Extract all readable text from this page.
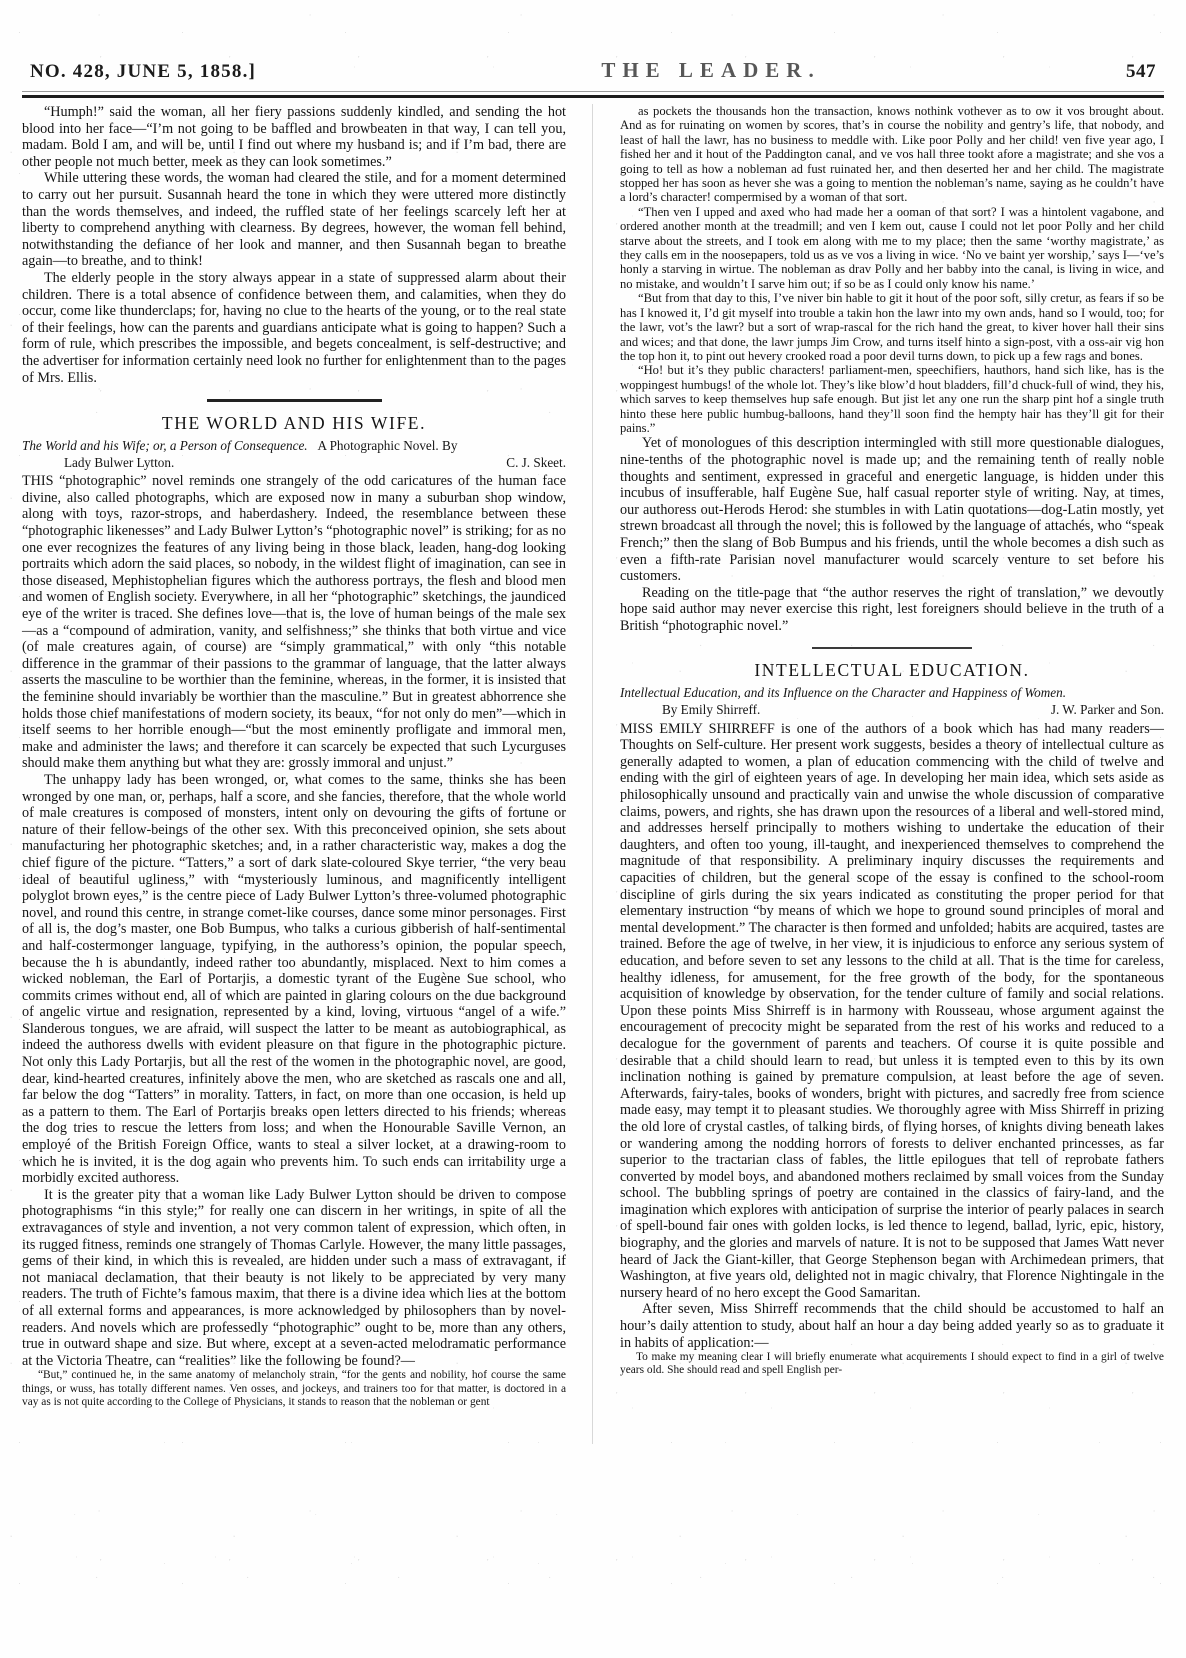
NO. 428, JUNE 5, 1858.]	THE LEADER.	547

“Humph!” said the woman, all her fiery passions suddenly kindled, and sending the hot blood into her face—“I’m not going to be baffled and browbeaten in that way, I can tell you, madam. Bold I am, and will be, until I find out where my husband is; and if I’m bad, there are other people not much better, meek as they can look sometimes.”

While uttering these words, the woman had cleared the stile, and for a moment determined to carry out her pursuit. Susannah heard the tone in which they were uttered more distinctly than the words themselves, and indeed, the ruffled state of her feelings scarcely left her at liberty to comprehend anything with clearness. By degrees, however, the woman fell behind, notwithstanding the defiance of her look and manner, and then Susannah began to breathe again—to breathe, and to think!

The elderly people in the story always appear in a state of suppressed alarm about their children. There is a total absence of confidence between them, and calamities, when they do occur, come like thunderclaps; for, having no clue to the hearts of the young, or to the real state of their feelings, how can the parents and guardians anticipate what is going to happen? Such a form of rule, which prescribes the impossible, and begets concealment, is self-destructive; and the advertiser for information certainly need look no further for enlightenment than to the pages of Mrs. Ellis.

THE WORLD AND HIS WIFE.
The World and his Wife; or, a Person of Consequence. A Photographic Novel. By
Lady Bulwer Lytton.	C. J. Skeet.

THIS “photographic” novel reminds one strangely of the odd caricatures of the human face divine, also called photographs, which are exposed now in many a suburban shop window, along with toys, razor-strops, and haberdashery. Indeed, the resemblance between these “photographic likenesses” and Lady Bulwer Lytton’s “photographic novel” is striking; for as no one ever recognizes the features of any living being in those black, leaden, hang-dog looking portraits which adorn the said places, so nobody, in the wildest flight of imagination, can see in those diseased, Mephistophelian figures which the authoress portrays, the flesh and blood men and women of English society. Everywhere, in all her “photographic” sketchings, the jaundiced eye of the writer is traced. She defines love—that is, the love of human beings of the male sex—as a “compound of admiration, vanity, and selfishness;” she thinks that both virtue and vice (of male creatures again, of course) are “simply grammatical,” with only “this notable difference in the grammar of their passions to the grammar of language, that the latter always asserts the masculine to be worthier than the feminine, whereas, in the former, it is insisted that the feminine should invariably be worthier than the masculine.” But in greatest abhorrence she holds those chief manifestations of modern society, its beaux, “for not only do men”—which in itself seems to her horrible enough—“but the most eminently profligate and immoral men, make and administer the laws; and therefore it can scarcely be expected that such Lycurguses should make them anything but what they are: grossly immoral and unjust.”

The unhappy lady has been wronged, or, what comes to the same, thinks she has been wronged by one man, or, perhaps, half a score, and she fancies, therefore, that the whole world of male creatures is composed of monsters, intent only on devouring the gifts of fortune or nature of their fellow-beings of the other sex. With this preconceived opinion, she sets about manufacturing her photographic sketches; and, in a rather characteristic way, makes a dog the chief figure of the picture. “Tatters,” a sort of dark slate-coloured Skye terrier, “the very beau ideal of beautiful ugliness,” with “mysteriously luminous, and magnificently intelligent polyglot brown eyes,” is the centre piece of Lady Bulwer Lytton’s three-volumed photographic novel, and round this centre, in strange comet-like courses, dance some minor personages. First of all is, the dog’s master, one Bob Bumpus, who talks a curious gibberish of half-sentimental and half-costermonger language, typifying, in the authoress’s opinion, the popular speech, because the h is abundantly, indeed rather too abundantly, misplaced. Next to him comes a wicked nobleman, the Earl of Portarjis, a domestic tyrant of the Eugène Sue school, who commits crimes without end, all of which are painted in glaring colours on the due background of angelic virtue and resignation, represented by a kind, loving, virtuous “angel of a wife.” Slanderous tongues, we are afraid, will suspect the latter to be meant as autobiographical, as indeed the authoress dwells with evident pleasure on that figure in the photographic picture. Not only this Lady Portarjis, but all the rest of the women in the photographic novel, are good, dear, kind-hearted creatures, infinitely above the men, who are sketched as rascals one and all, far below the dog “Tatters” in morality. Tatters, in fact, on more than one occasion, is held up as a pattern to them. The Earl of Portarjis breaks open letters directed to his friends; whereas the dog tries to rescue the letters from loss; and when the Honourable Saville Vernon, an employé of the British Foreign Office, wants to steal a silver locket, at a drawing-room to which he is invited, it is the dog again who prevents him. To such ends can irritability urge a morbidly excited authoress.

It is the greater pity that a woman like Lady Bulwer Lytton should be driven to compose photographisms “in this style;” for really one can discern in her writings, in spite of all the extravagances of style and invention, a not very common talent of expression, which often, in its rugged fitness, reminds one strangely of Thomas Carlyle. However, the many little passages, gems of their kind, in which this is revealed, are hidden under such a mass of extravagant, if not maniacal declamation, that their beauty is not likely to be appreciated by very many readers. The truth of Fichte’s famous maxim, that there is a divine idea which lies at the bottom of all external forms and appearances, is more acknowledged by philosophers than by novel-readers. And novels which are professedly “photographic” ought to be, more than any others, true in outward shape and size. But where, except at a seven-acted melodramatic performance at the Victoria Theatre, can “realities” like the following be found?—

“But,” continued he, in the same anatomy of melancholy strain, “for the gents and nobility, hof course the same things, or wuss, has totally different names. Ven osses, and jockeys, and trainers too for that matter, is doctored in a vay as is not quite according to the College of Physicians, it stands to reason that the nobleman or gent

as pockets the thousands hon the transaction, knows nothink vothever as to ow it vos brought about. And as for ruinating on women by scores, that’s in course the nobility and gentry’s life, that nobody, and least of hall the lawr, has no business to meddle with. Like poor Polly and her child! ven five year ago, I fished her and it hout of the Paddington canal, and ve vos hall three tookt afore a magistrate; and she vos a going to tell as how a nobleman ad fust ruinated her, and then deserted her and her child. The magistrate stopped her has soon as hever she was a going to mention the nobleman’s name, saying as he couldn’t have a lord’s character! compermised by a woman of that sort.

“Then ven I upped and axed who had made her a ooman of that sort? I was a hintolent vagabone, and ordered another month at the treadmill; and ven I kem out, cause I could not let poor Polly and her child starve about the streets, and I took em along with me to my place; then the same ‘worthy magistrate,’ as they calls em in the noosepapers, told us as ve vos a living in wice. ‘No ve baint yer worship,’ says I—‘ve’s honly a starving in wirtue. The nobleman as drav Polly and her babby into the canal, is living in wice, and no mistake, and wouldn’t I sarve him out; if so be as I could only know his name.’

“But from that day to this, I’ve niver bin hable to git it hout of the poor soft, silly cretur, as fears if so be has I knowed it, I’d git myself into trouble a takin hon the lawr into my own ands, hand so I would, too; for the lawr, vot’s the lawr? but a sort of wrap-rascal for the rich hand the great, to kiver hover hall their sins and wices; and that done, the lawr jumps Jim Crow, and turns itself hinto a sign-post, vith a oss-air vig hon the top hon it, to pint out hevery crooked road a poor devil turns down, to pick up a few rags and bones.

“Ho! but it’s they public characters! parliament-men, speechifiers, hauthors, hand sich like, has is the woppingest humbugs! of the whole lot. They’s like blow’d hout bladders, fill’d chuck-full of wind, they his, which sarves to keep themselves hup safe enough. But jist let any one run the sharp pint hof a single truth hinto these here public humbug-balloons, hand they’ll soon find the hempty hair has they’ll git for their pains.”

Yet of monologues of this description intermingled with still more questionable dialogues, nine-tenths of the photographic novel is made up; and the remaining tenth of really noble thoughts and sentiment, expressed in graceful and energetic language, is hidden under this incubus of insufferable, half Eugène Sue, half casual reporter style of writing. Nay, at times, our authoress out-Herods Herod: she stumbles in with Latin quotations—dog-Latin mostly, yet strewn broadcast all through the novel; this is followed by the language of attachés, who “speak French;” then the slang of Bob Bumpus and his friends, until the whole becomes a dish such as even a fifth-rate Parisian novel manufacturer would scarcely venture to set before his customers.

Reading on the title-page that “the author reserves the right of translation,” we devoutly hope said author may never exercise this right, lest foreigners should believe in the truth of a British “photographic novel.”

INTELLECTUAL EDUCATION.
Intellectual Education, and its Influence on the Character and Happiness of Women.
By Emily Shirreff.	J. W. Parker and Son.

MISS EMILY SHIRREFF is one of the authors of a book which has had many readers—Thoughts on Self-culture. Her present work suggests, besides a theory of intellectual culture as generally adapted to women, a plan of education commencing with the child of twelve and ending with the girl of eighteen years of age. In developing her main idea, which sets aside as philosophically unsound and practically vain and unwise the whole discussion of comparative claims, powers, and rights, she has drawn upon the resources of a liberal and well-stored mind, and addresses herself principally to mothers wishing to undertake the education of their daughters, and often too young, ill-taught, and inexperienced themselves to comprehend the magnitude of that responsibility. A preliminary inquiry discusses the requirements and capacities of children, but the general scope of the essay is confined to the school-room discipline of girls during the six years indicated as constituting the proper period for that elementary instruction “by means of which we hope to ground sound principles of moral and mental development.” The character is then formed and unfolded; habits are acquired, tastes are trained. Before the age of twelve, in her view, it is injudicious to enforce any serious system of education, and before seven to set any lessons to the child at all. That is the time for careless, healthy idleness, for amusement, for the free growth of the body, for the spontaneous acquisition of knowledge by observation, for the tender culture of family and social relations. Upon these points Miss Shirreff is in harmony with Rousseau, whose argument against the encouragement of precocity might be separated from the rest of his works and reduced to a decalogue for the government of parents and teachers. Of course it is quite possible and desirable that a child should learn to read, but unless it is tempted even to this by its own inclination nothing is gained by premature compulsion, at least before the age of seven. Afterwards, fairy-tales, books of wonders, bright with pictures, and sacredly free from science made easy, may tempt it to pleasant studies. We thoroughly agree with Miss Shirreff in prizing the old lore of crystal castles, of talking birds, of flying horses, of knights diving beneath lakes or wandering among the nodding horrors of forests to deliver enchanted princesses, as far superior to the tractarian class of fables, the little epilogues that tell of reprobate fathers converted by model boys, and abandoned mothers reclaimed by small voices from the Sunday school. The bubbling springs of poetry are contained in the classics of fairy-land, and the imagination which explores with anticipation of surprise the interior of pearly palaces in search of spell-bound fair ones with golden locks, is led thence to legend, ballad, lyric, epic, history, biography, and the glories and marvels of nature. It is not to be supposed that James Watt never heard of Jack the Giant-killer, that George Stephenson began with Archimedean primers, that Washington, at five years old, delighted not in magic chivalry, that Florence Nightingale in the nursery heard of no hero except the Good Samaritan.

After seven, Miss Shirreff recommends that the child should be accustomed to half an hour’s daily attention to study, about half an hour a day being added yearly so as to graduate it in habits of application:—

To make my meaning clear I will briefly enumerate what acquirements I should expect to find in a girl of twelve years old. She should read and spell English per-
